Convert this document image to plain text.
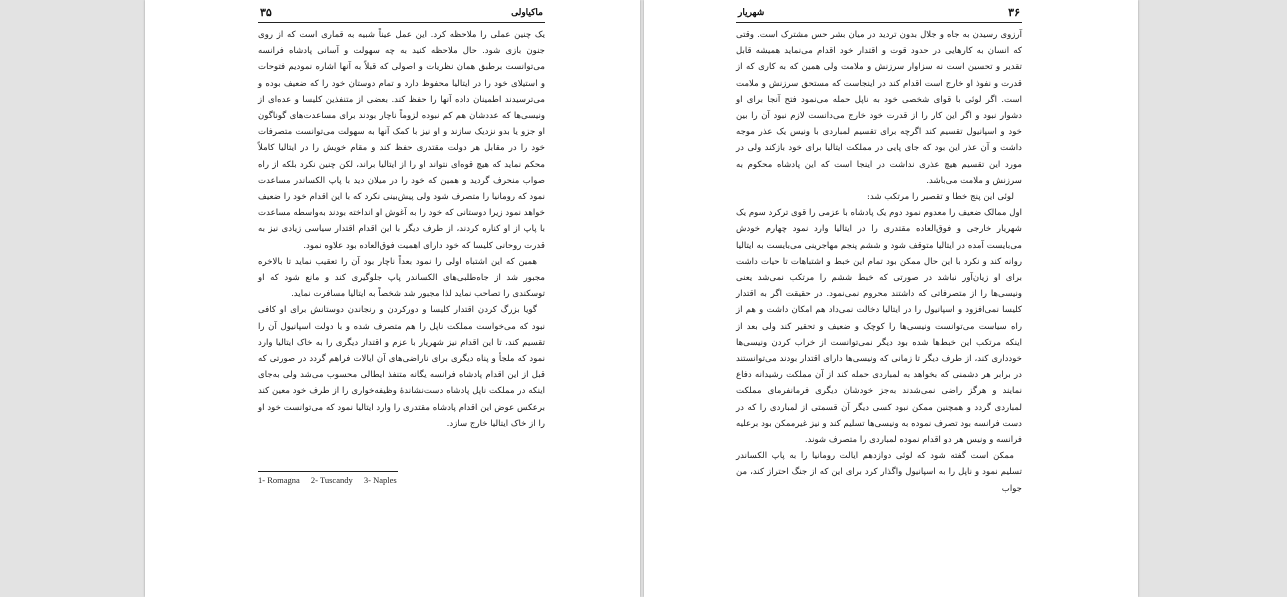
۳۵	ماکیاولی

یک چنین عملی را ملاحظه کرد. این عمل عیناً شبیه به قماری است که از روی جنون بازی شود. حال ملاحظه کنید به چه سهولت و آسانی پادشاه فرانسه می‌توانست برطبق همان نظریات و اصولی که قبلاً به آنها اشاره نمودیم فتوحات و استیلای خود را در ایتالیا محفوظ دارد و تمام دوستان خود را که ضعیف بوده و می‌ترسیدند اطمینان داده آنها را حفظ کند. بعضی از متنفذین کلیسا و عده‌ای از ونیسی‌ها که عددشان هم کم نبوده لزوماً ناچار بودند برای مساعدت‌های گوناگون او جزو یا بدو نزدیک سازند و او نیز با کمک آنها به سهولت می‌توانست متصرفات خود را در مقابل هر دولت مقتدری حفظ کند و مقام خویش را در ایتالیا کاملاً محکم نماید که هیچ قوه‌ای نتواند او را از ایتالیا براند، لکن چنین نکرد بلکه از راه صواب منحرف گردید و همین که خود را در میلان دید با پاپ الکساندر مساعدت نمود که رومانیا را متصرف شود ولی پیش‌بینی نکرد که با این اقدام خود را ضعیف خواهد نمود زیرا دوستانی که خود را به آغوش او انداخته بودند به‌واسطه مساعدت با پاپ از او کناره کردند، از طرف دیگر با این اقدام اقتدار سیاسی زیادی نیز به قدرت روحانی کلیسا که خود دارای اهمیت فوق‌العاده بود علاوه نمود.

همین که این اشتباه اولی را نمود بعداً ناچار بود آن را تعقیب نماید تا بالاخره مجبور شد از جاه‌طلبی‌های الکساندر پاپ جلوگیری کند و مانع شود که او توسکندی را تصاحب نماید لذا مجبور شد شخصاً به ایتالیا مسافرت نماید.

گویا بزرگ کردن اقتدار کلیسا و دورکردن و رنجاندن دوستانش برای او کافی نبود که می‌خواست مملکت ناپل را هم متصرف شده و با دولت اسپانیول آن را تقسیم کند، تا این اقدام نیز شهریار با عزم و اقتدار دیگری را به خاک ایتالیا وارد نمود که ملجأ و پناه دیگری برای ناراضی‌های آن ایالات فراهم گردد در صورتی که قبل از این اقدام پادشاه فرانسه یگانه متنفذ ایطالی محسوب می‌شد ولی به‌جای اینکه در مملکت ناپل پادشاه دست‌نشاندۀ وظیفه‌خواری را از طرف خود معین کند برعکس عوض این اقدام پادشاه مقتدری را وارد ایتالیا نمود که می‌توانست خود او را از خاک ایتالیا خارج سازد.

1- Romagna 2- Tuscandy 3- Naples
۳۶
شهریار

آرزوی رسیدن به جاه و جلال بدون تردید در میان بشر حس مشترک است. وقتی که انسان به کارهایی در حدود قوت و اقتدار خود اقدام می‌نماید همیشه قابل تقدیر و تحسین است نه سزاوار سرزنش و ملامت ولی همین که به کاری که از قدرت و نفوذ او خارج است اقدام کند در اینجاست که مستحق سرزنش و ملامت است. اگر لوئی با قوای شخصی خود به ناپل حمله می‌نمود فتح آنجا برای او دشوار نبود و اگر این کار را از قدرت خود خارج می‌دانست لازم نبود آن را بین خود و اسپانیول تقسیم کند اگرچه برای تقسیم لمباردی با ونیس یک عذر موجه داشت و آن عذر این بود که جای پایی در مملکت ایتالیا برای خود بازکند ولی در مورد این تقسیم هیچ عذری نداشت در اینجا است که این پادشاه محکوم به سرزنش و ملامت می‌باشد.

لوئی این پنج خطا و تقصیر را مرتکب شد:

اول ممالک ضعیف را معدوم نمود دوم یک پادشاه با عزمی را قوی ترکرد سوم یک شهریار خارجی و فوق‌العاده مقتدری را در ایتالیا وارد نمود چهارم خودش می‌بایست آمده در ایتالیا متوقف شود و ششم پنجم مهاجرینی می‌بایست به ایتالیا روانه کند و نکرد با این حال ممکن بود تمام این خبط و اشتباهات تا حیات داشت برای او زیان‌آور نباشد در صورتی که خبط ششم را مرتکب نمی‌شد یعنی ونیسی‌ها را از متصرفاتی که داشتند محروم نمی‌نمود. در حقیقت اگر به اقتدار کلیسا نمی‌افزود و اسپانیول را در ایتالیا دخالت نمی‌داد هم امکان داشت و هم از راه سیاست می‌توانست ونیسی‌ها را کوچک و ضعیف و تحقیر کند ولی بعد از اینکه مرتکب این خبط‌ها شده بود دیگر نمی‌توانست از خراب کردن ونیسی‌ها خودداری کند، از طرف دیگر تا زمانی که ونیسی‌ها دارای اقتدار بودند می‌توانستند در برابر هر دشمنی که بخواهد به لمباردی حمله کند از آن مملکت رشیدانه دفاع نمایند و هرگز راضی نمی‌شدند به‌جز خودشان دیگری فرمانفرمای مملکت لمباردی گردد و همچنین ممکن نبود کسی دیگر آن قسمتی از لمباردی را که در دست فرانسه بود تصرف نموده به ونیسی‌ها تسلیم کند و نیز غیرممکن بود برعلیه فرانسه و ونیس هر دو اقدام نموده لمباردی را متصرف شوند.

ممکن است گفته شود که لوئی دوازدهم ایالت رومانیا را به پاپ الکساندر تسلیم نمود و ناپل را به اسپانیول واگذار کرد برای این که از جنگ احتراز کند، من جواب
